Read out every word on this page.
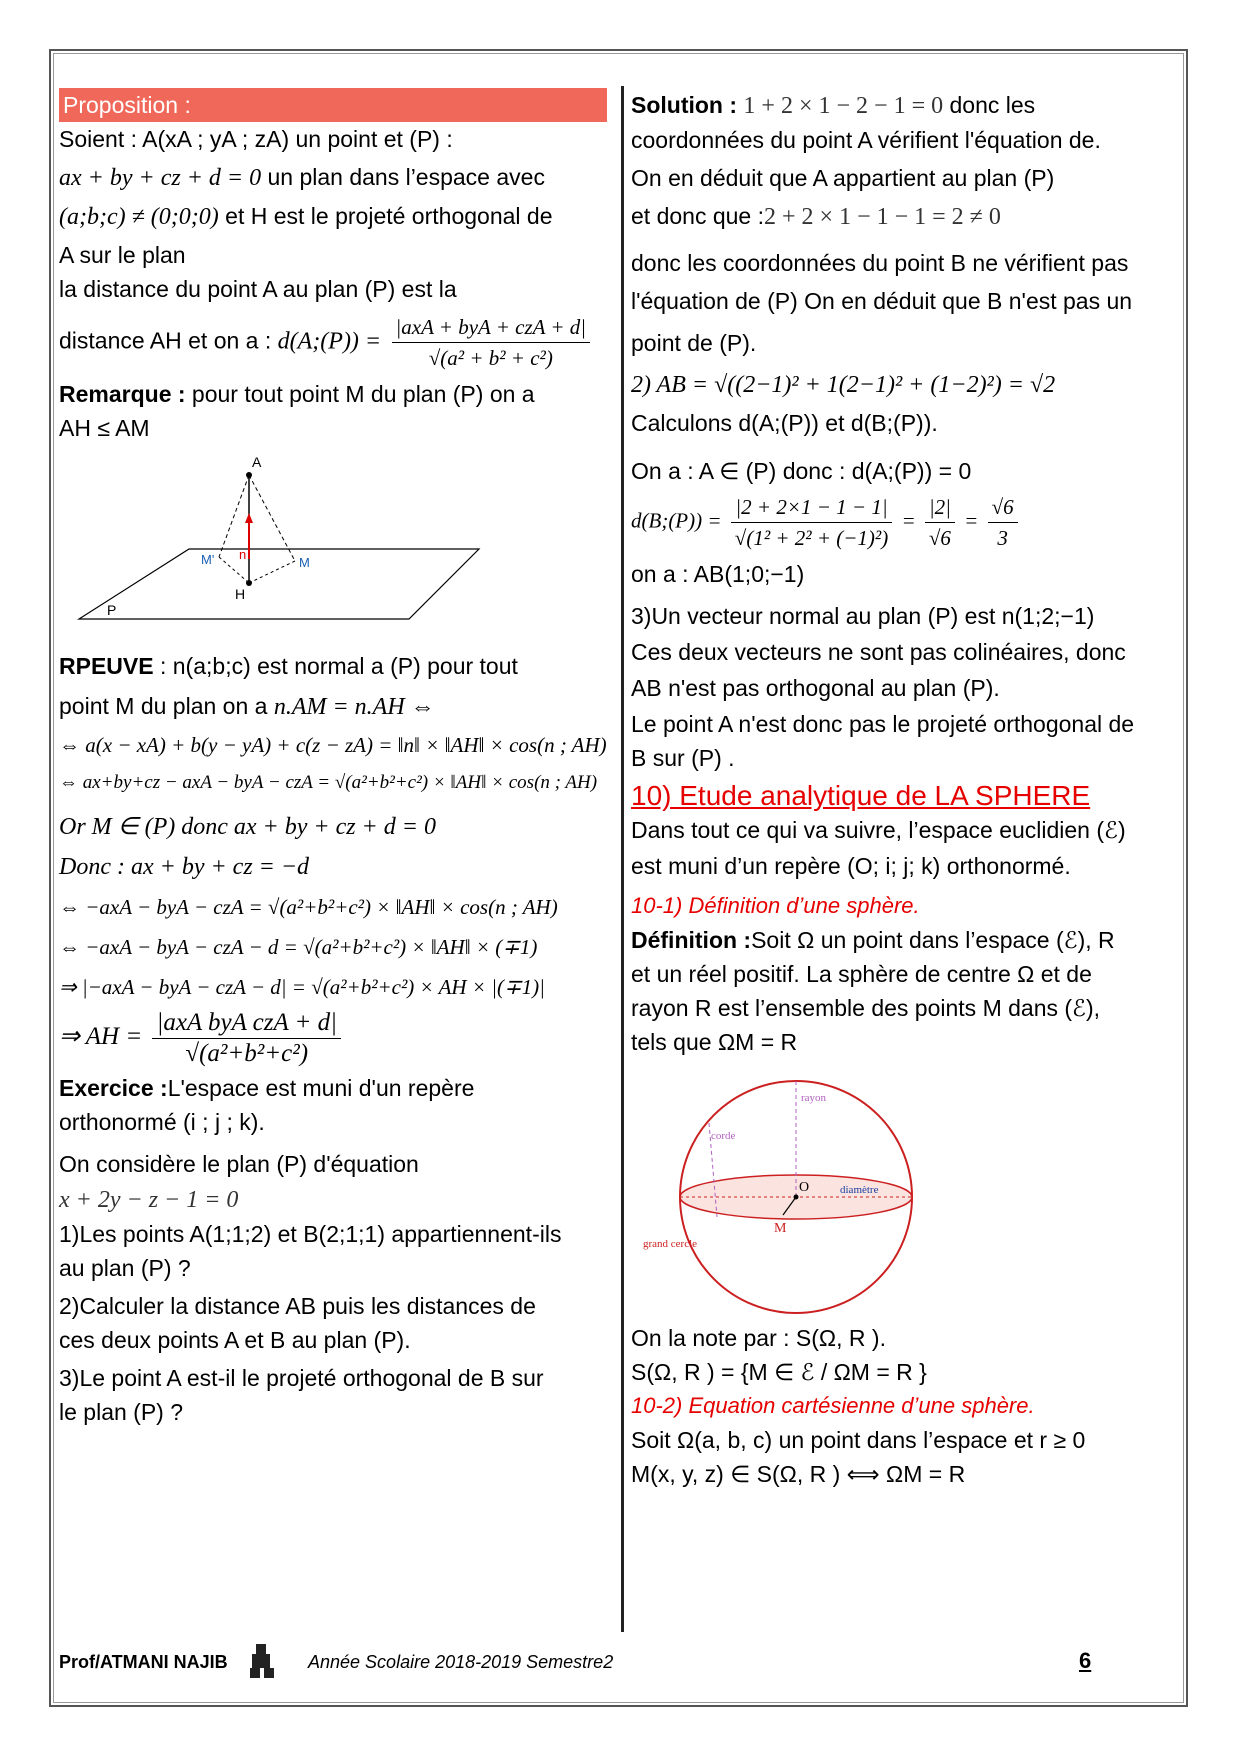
Proposition :
Soient : A(xA ; yA ; zA) un point et (P) :
ax + by + cz + d = 0 un plan dans l’espace avec
(a;b;c) ≠ (0;0;0) et H est le projeté orthogonal de
A sur le plan
la distance du point A au plan (P) est la
distance AH et on a : d(A;(P)) = $\frac{\text{|axA + byA + czA + d|}}{\text{√(a² + b² + c²)}}$
Remarque : pour tout point M du plan (P) on a
AH ≤ AM
A
n
M'	M
H
P
RPEUVE : n(a;b;c) est normal a (P) pour tout
point M du plan on a n.AM = n.AH ⇔
⇔ a(x − xA) + b(y − yA) + c(z − zA) = ‖n‖ × ‖AH‖ × cos(n ; AH)
⇔ ax+by+cz − axA − byA − czA = √(a²+b²+c²) × ‖AH‖ × cos(n ; AH)
Or M ∈ (P) donc ax + by + cz + d = 0
Donc : ax + by + cz = −d
⇔ −axA − byA − czA = √(a²+b²+c²) × ‖AH‖ × cos(n ; AH)
⇔ −axA − byA − czA − d = √(a²+b²+c²) × ‖AH‖ × (∓1)
⇒ |−axA − byA − czA − d| = √(a²+b²+c²) × AH × |(∓1)|
⇒ AH = $\frac{\text{|axA byA czA + d|}}{\text{√(a²+b²+c²)}}$
Exercice :L'espace est muni d'un repère
orthonormé (i ; j ; k).
On considère le plan (P) d'équation
x + 2y − z − 1 = 0
1)Les points A(1;1;2) et B(2;1;1) appartiennent-ils
au plan (P) ?
2)Calculer la distance AB puis les distances de
ces deux points A et B au plan (P).
3)Le point A est-il le projeté orthogonal de B sur
le plan (P) ?
Solution : 1 + 2 × 1 − 2 − 1 = 0 donc les
coordonnées du point A vérifient l'équation de.
On en déduit que A appartient au plan (P)
et donc que :2 + 2 × 1 − 1 − 1 = 2 ≠ 0
donc les coordonnées du point B ne vérifient pas
l'équation de (P) On en déduit que B n'est pas un
point de (P).
2) AB = √((2−1)² + 1(2−1)² + (1−2)²) = √2
Calculons d(A;(P)) et d(B;(P)).
On a : A ∈ (P) donc : d(A;(P)) = 0
d(B;(P)) = $\frac{|2 + 2\times 1 - 1 - 1|}{\text{√(1² + 2² + (−1)²)}} = \frac{|2|}{√6} = \frac{√6}{3}$
on a : AB(1;0;−1)
3)Un vecteur normal au plan (P) est n(1;2;−1)
Ces deux vecteurs ne sont pas colinéaires, donc
AB n'est pas orthogonal au plan (P).
Le point A n'est donc pas le projeté orthogonal de
B sur (P) .
10) Etude analytique de LA SPHERE
Dans tout ce qui va suivre, l’espace euclidien (ℰ)
est muni d’un repère (O; i; j; k) orthonormé.
10-1) Définition d’une sphère.
Définition :Soit Ω un point dans l’espace (ℰ), R
et un réel positif. La sphère de centre Ω et de
rayon R est l’ensemble des points M dans (ℰ),
tels que ΩM = R
rayon
corde
O	diamètre
M
grand cercle
On la note par : S(Ω, R ).
S(Ω, R ) = {M ∈ ℰ / ΩM = R }
10-2) Equation cartésienne d’une sphère.
Soit Ω(a, b, c) un point dans l’espace et r ≥ 0
M(x, y, z) ∈ S(Ω, R ) ⟺ ΩM = R
Prof/ATMANI NAJIB	Année Scolaire 2018-2019 Semestre2	6
